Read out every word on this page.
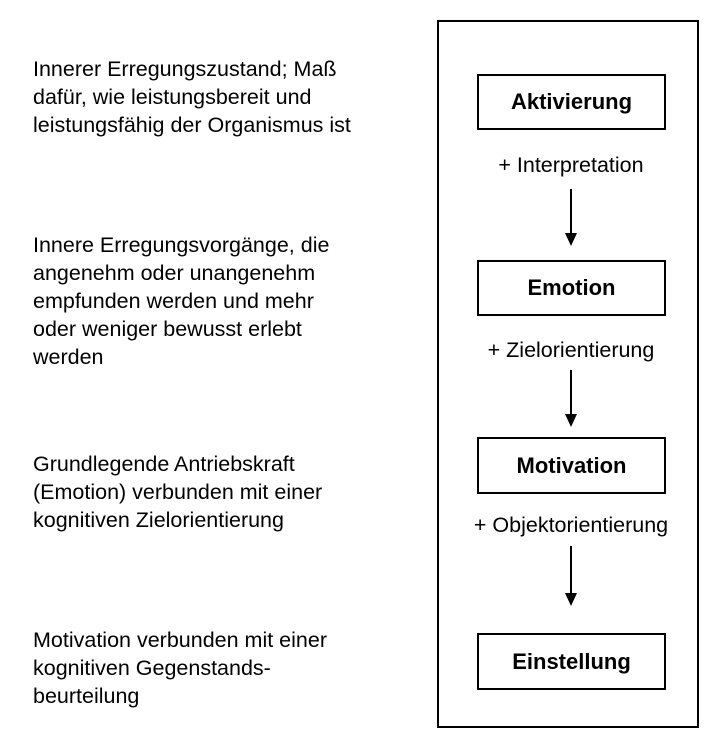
Innerer Erregungszustand; Maß
dafür, wie leistungsbereit und
leistungsfähig der Organismus ist

Innere Erregungsvorgänge, die
angenehm oder unangenehm
empfunden werden und mehr
oder weniger bewusst erlebt
werden

Grundlegende Antriebskraft
(Emotion) verbunden mit einer
kognitiven Zielorientierung

Motivation verbunden mit einer
kognitiven Gegenstands-
beurteilung

Aktivierung
+ Interpretation
Emotion
+ Zielorientierung
Motivation
+ Objektorientierung
Einstellung
